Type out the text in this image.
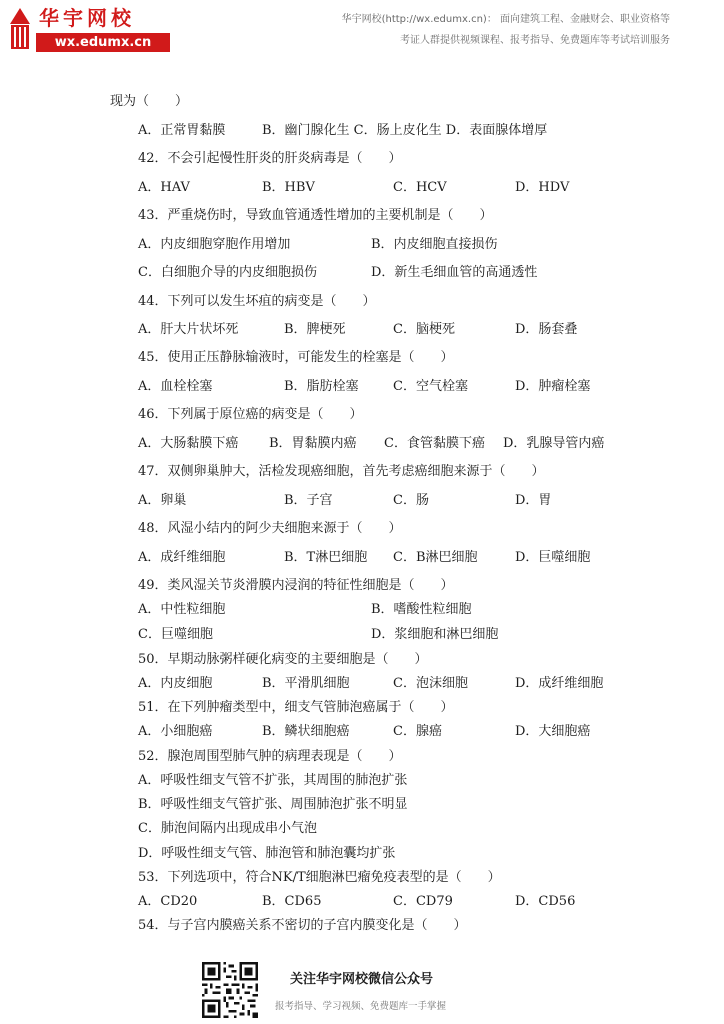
华宇网校
wx.edumx.cn
华宇网校(http://wx.edumx.cn)： 面向建筑工程、金融财会、职业资格等
考证人群提供视频课程、报考指导、免费题库等考试培训服务
现为（　　）
A．正常胃黏膜	B．幽门腺化生 C．肠上皮化生 D．表面腺体增厚
42．不会引起慢性肝炎的肝炎病毒是（　　）
A．HAV	B．HBV	C．HCV	D．HDV
43．严重烧伤时，导致血管通透性增加的主要机制是（　　）
A．内皮细胞穿胞作用增加	B．内皮细胞直接损伤
C．白细胞介导的内皮细胞损伤	D．新生毛细血管的高通透性
44．下列可以发生坏疽的病变是（　　）
A．肝大片状坏死	B．脾梗死	C．脑梗死	D．肠套叠
45．使用正压静脉输液时，可能发生的栓塞是（　　）
A．血栓栓塞	B．脂肪栓塞	C．空气栓塞	D．肿瘤栓塞
46．下列属于原位癌的病变是（　　）
A．大肠黏膜下癌 B．胃黏膜内癌 C．食管黏膜下癌 D．乳腺导管内癌
47．双侧卵巢肿大，活检发现癌细胞，首先考虑癌细胞来源于（　　）
A．卵巢	B．子宫	C．肠	D．胃
48．风湿小结内的阿少夫细胞来源于（　　）
A．成纤维细胞	B．T淋巴细胞 C．B淋巴细胞	D．巨噬细胞
49．类风湿关节炎滑膜内浸润的特征性细胞是（　　）
A．中性粒细胞	B．嗜酸性粒细胞
C．巨噬细胞	D．浆细胞和淋巴细胞
50．早期动脉粥样硬化病变的主要细胞是（　　）
A．内皮细胞	B．平滑肌细胞	C．泡沫细胞	D．成纤维细胞
51．在下列肿瘤类型中，细支气管肺泡癌属于（　　）
A．小细胞癌	B．鳞状细胞癌	C．腺癌	D．大细胞癌
52．腺泡周围型肺气肿的病理表现是（　　）
A．呼吸性细支气管不扩张，其周围的肺泡扩张
B．呼吸性细支气管扩张、周围肺泡扩张不明显
C．肺泡间隔内出现成串小气泡
D．呼吸性细支气管、肺泡管和肺泡囊均扩张
53．下列选项中，符合NK/T细胞淋巴瘤免疫表型的是（　　）
A．CD20	B．CD65	C．CD79	D．CD56
54．与子宫内膜癌关系不密切的子宫内膜变化是（　　）
关注华宇网校微信公众号
报考指导、学习视频、免费题库一手掌握
